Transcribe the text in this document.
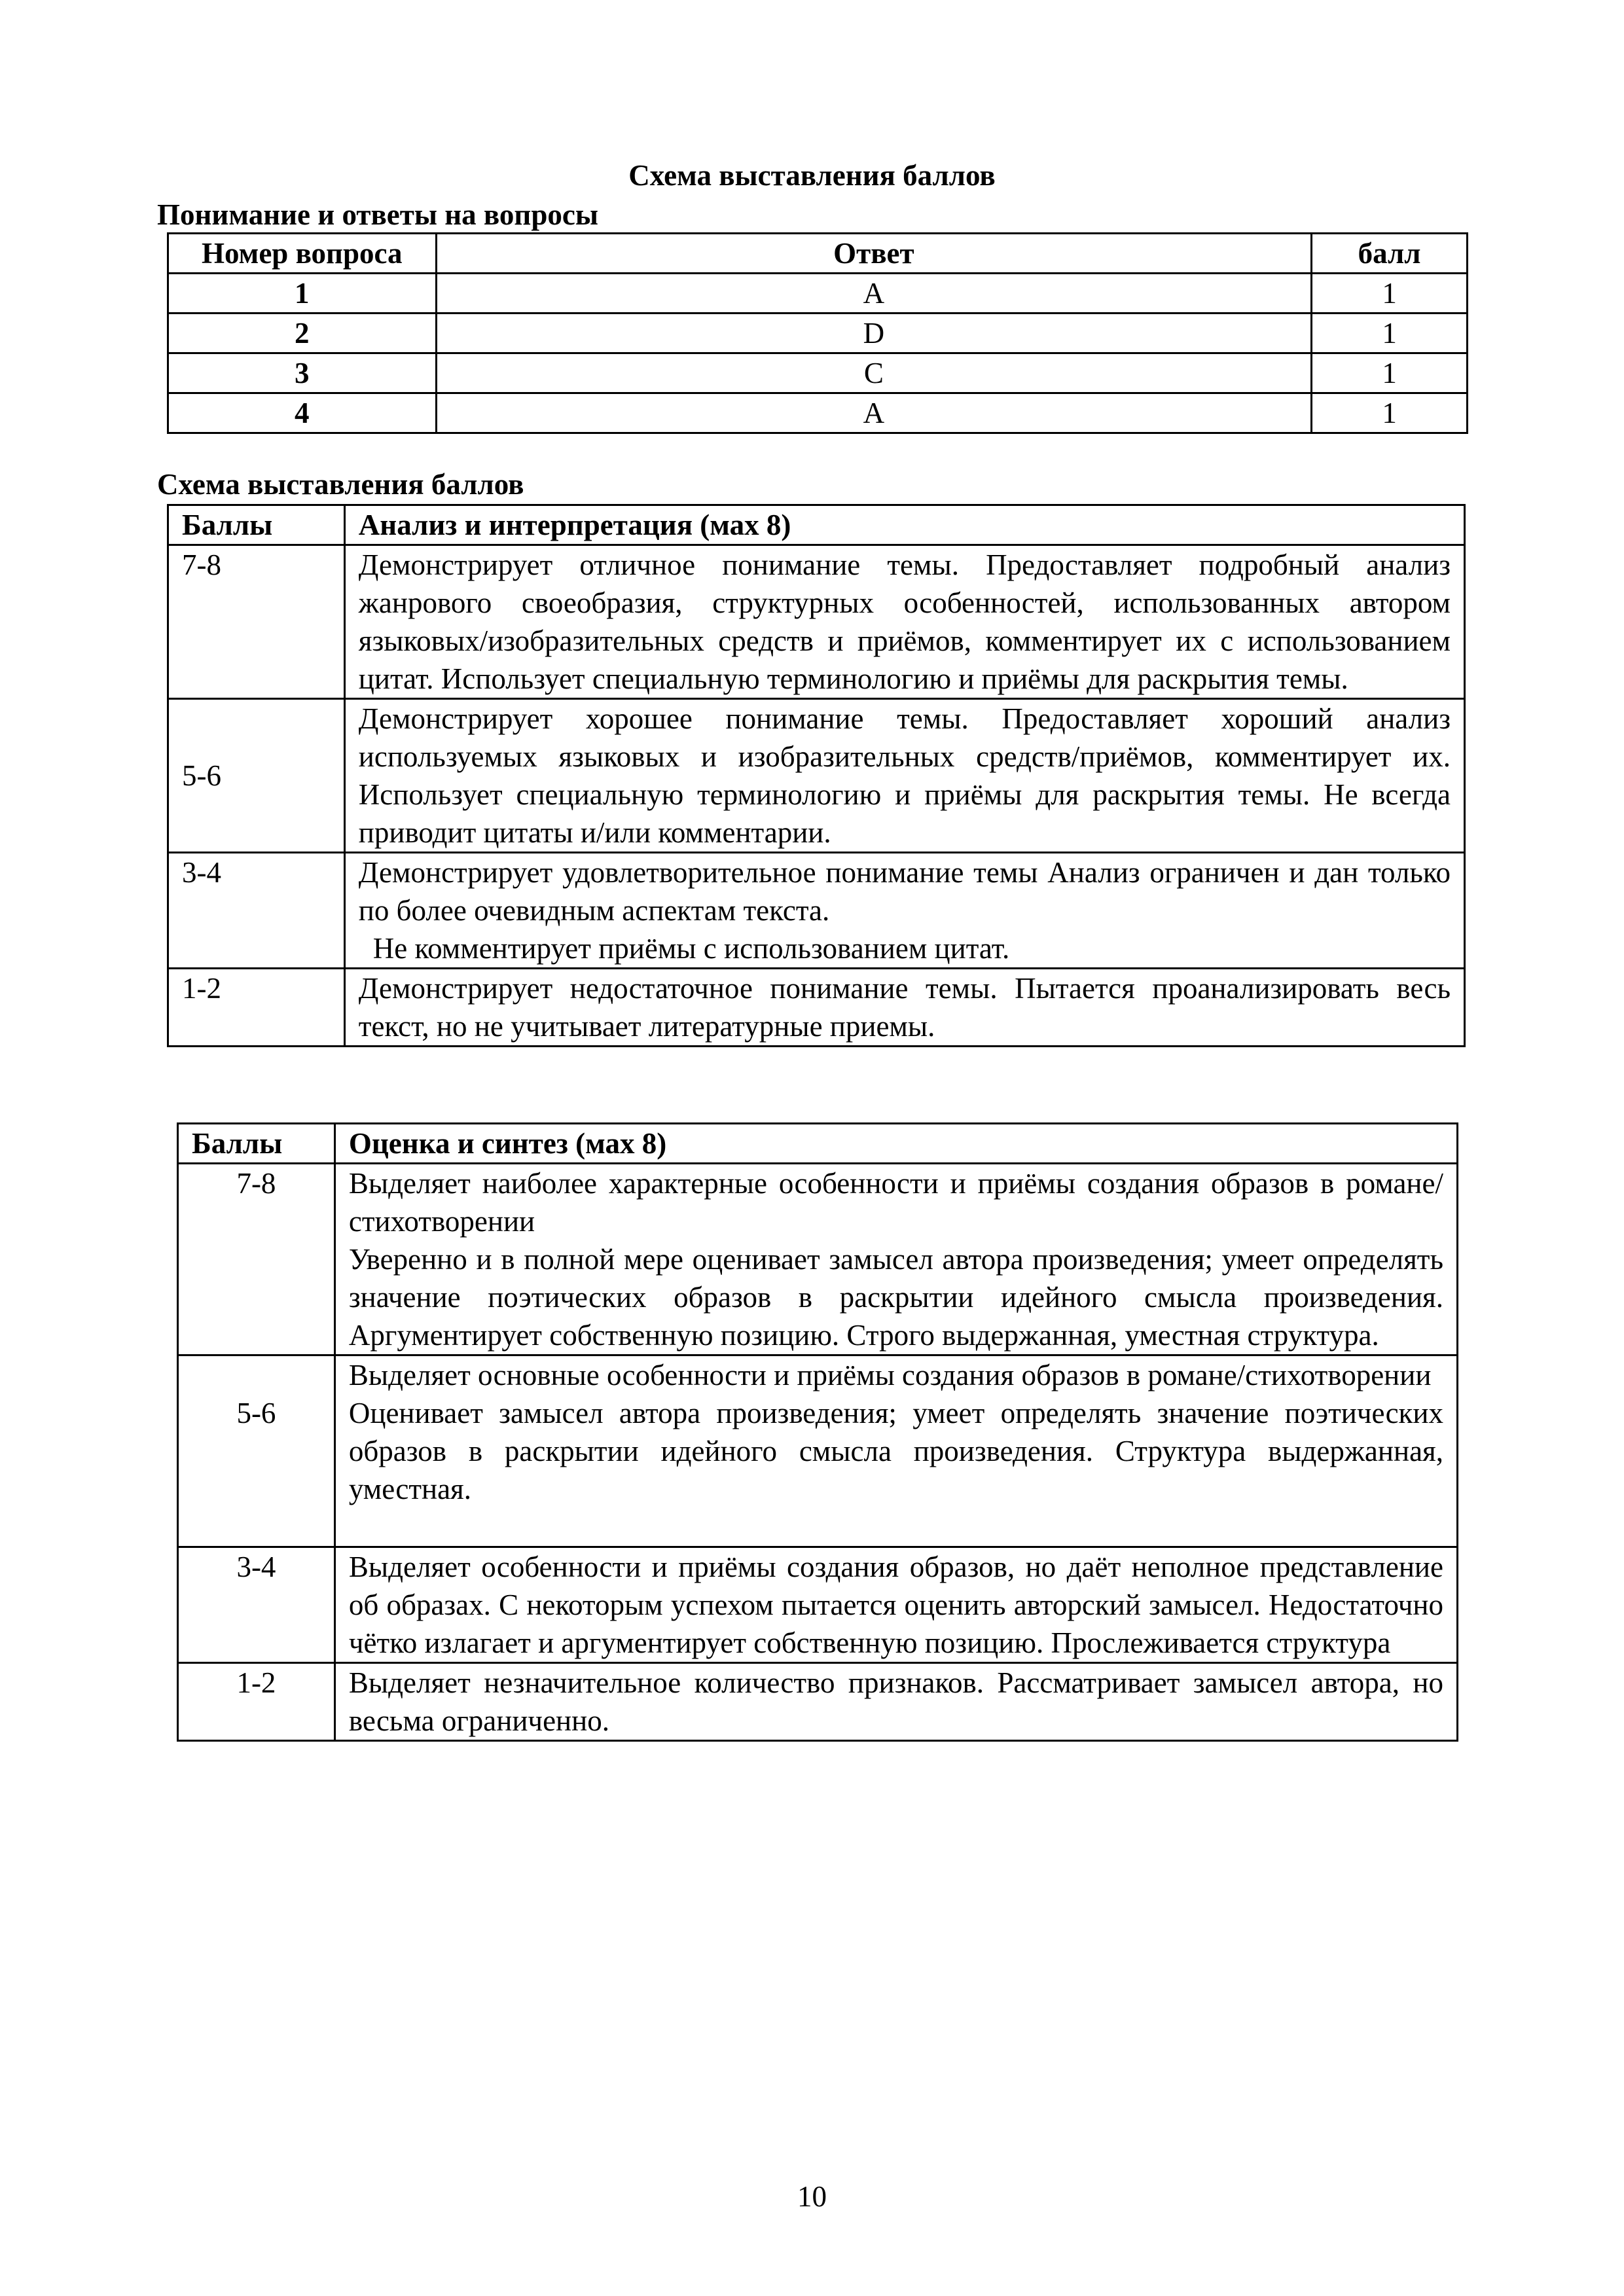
Схема выставления баллов
Понимание и ответы на вопросы
Номер вопроса	Ответ	балл
1	A	1
2	D	1
3	C	1
4	A	1
Схема выставления баллов
Баллы	Анализ и интерпретация (мах 8)
7-8	Демонстрирует отличное понимание темы. Предоставляет подробный анализ жанрового своеобразия, структурных особенностей, использованных автором языковых/изобразительных средств и приёмов, комментирует их с использованием цитат. Использует специальную терминологию и приёмы для раскрытия темы.
5-6	Демонстрирует хорошее понимание темы. Предоставляет хороший анализ используемых языковых и изобразительных средств/приёмов, комментирует их. Использует специальную терминологию и приёмы для раскрытия темы. Не всегда приводит цитаты и/или комментарии.
3-4	Демонстрирует удовлетворительное понимание темы Анализ ограничен и дан только по более очевидным аспектам текста.

Не комментирует приёмы с использованием цитат.

1-2	Демонстрирует недостаточное понимание темы. Пытается проанализировать весь текст, но не учитывает литературные приемы.
Баллы	Оценка и синтез (мах 8)
7-8	Выделяет наиболее характерные особенности и приёмы создания образов в романе/стихотворении

Уверенно и в полной мере оценивает замысел автора произведения; умеет определять значение поэтических образов в раскрытии идейного смысла произведения. Аргументирует собственную позицию. Строго выдержанная, уместная структура.

5-6	Выделяет основные особенности и приёмы создания образов в романе/стихотворении

Оценивает замысел автора произведения; умеет определять значение поэтических образов в раскрытии идейного смысла произведения. Структура выдержанная, уместная.

3-4	Выделяет особенности и приёмы создания образов, но даёт неполное представление об образах. С некоторым успехом пытается оценить авторский замысел. Недостаточно чётко излагает и аргументирует собственную позицию. Прослеживается структура
1-2	Выделяет незначительное количество признаков. Рассматривает замысел автора, но весьма ограниченно.
10
